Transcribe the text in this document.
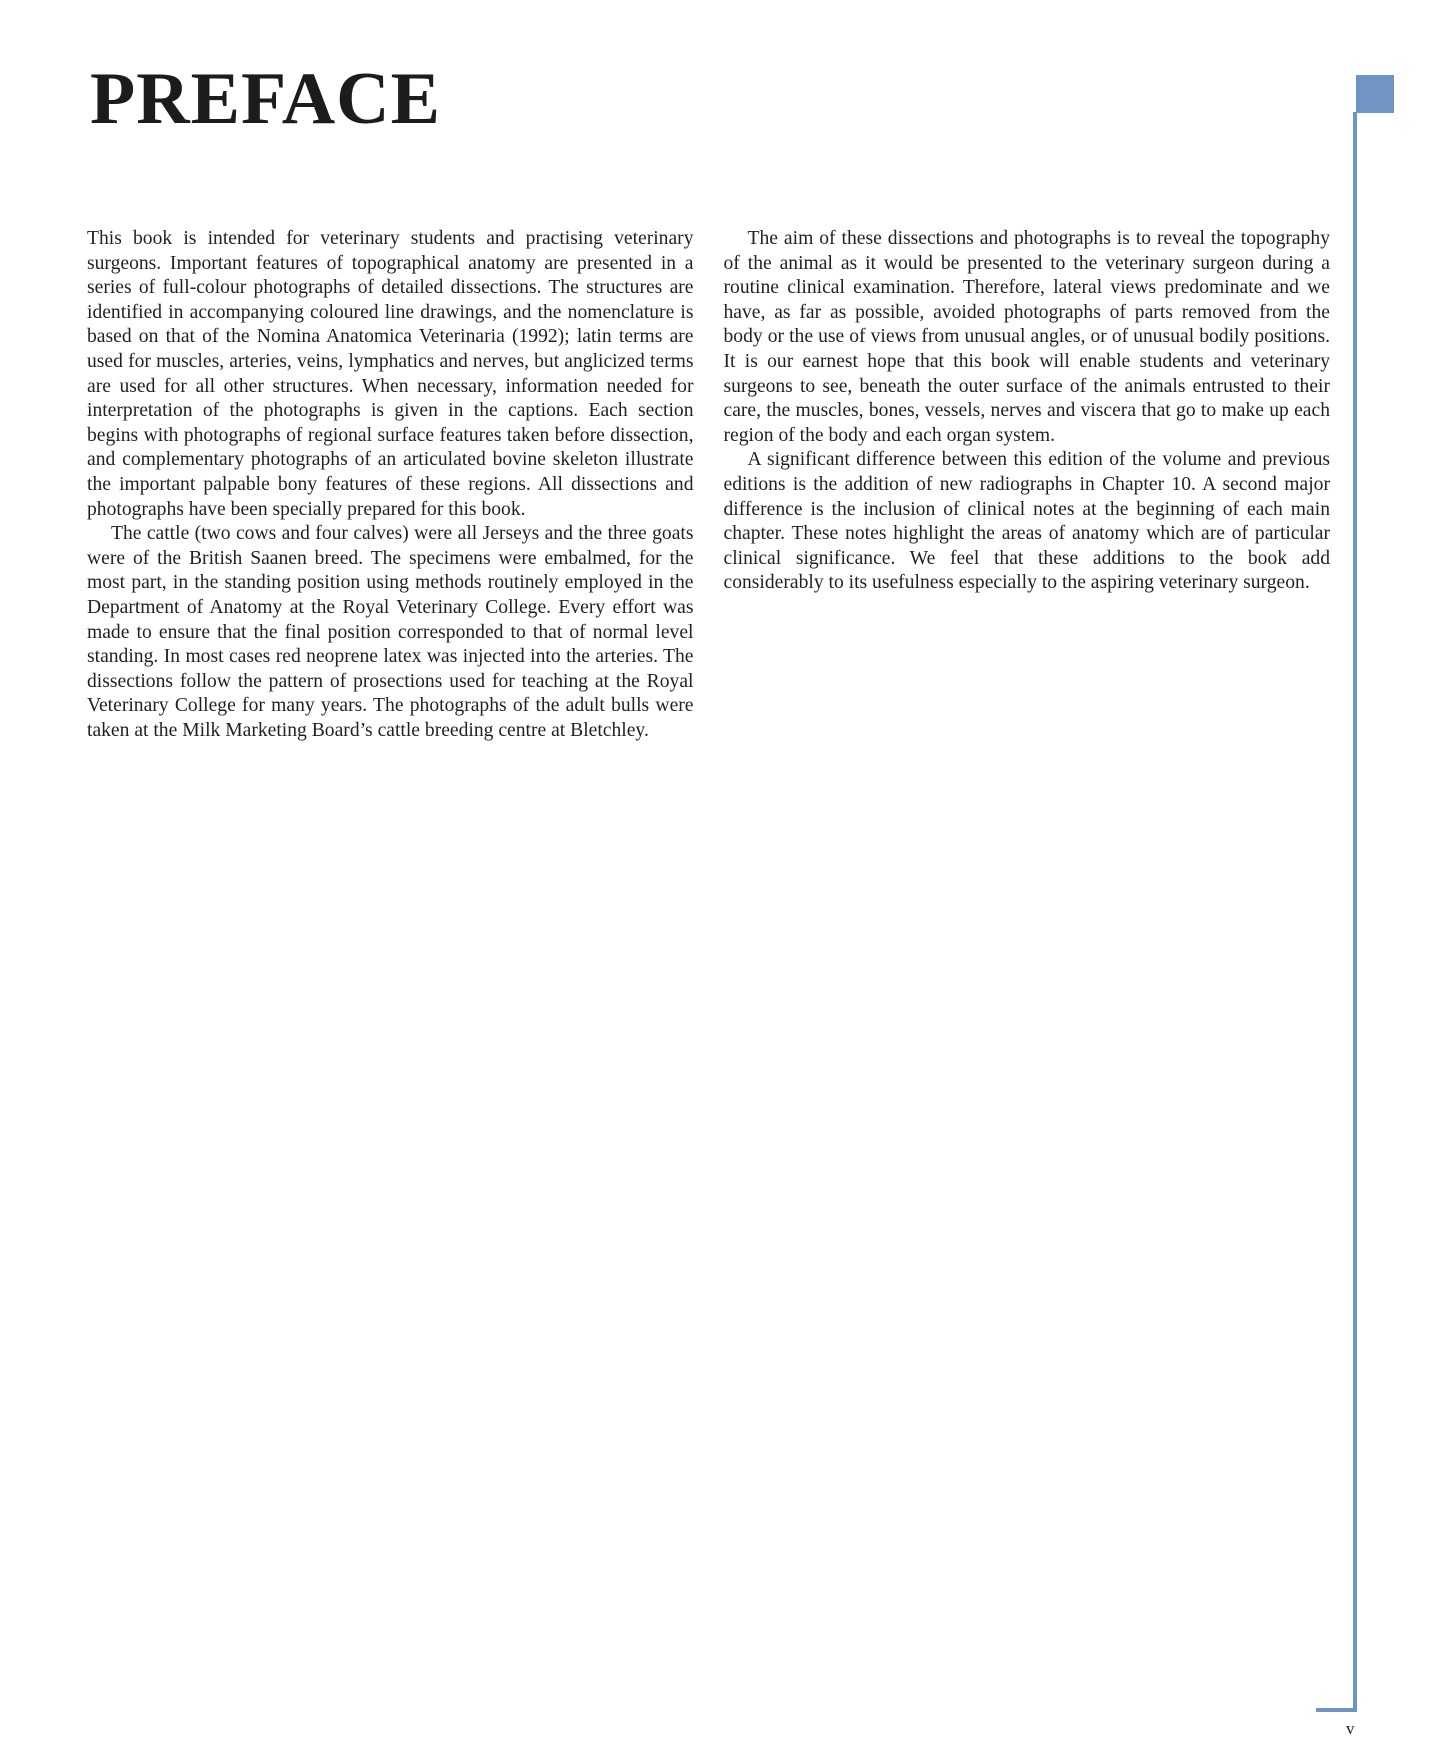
PREFACE

This book is intended for veterinary students and practising veterinary surgeons. Important features of topographical anatomy are presented in a series of full-colour photographs of detailed dissections. The structures are identified in accompanying coloured line drawings, and the nomenclature is based on that of the Nomina Anatomica Veterinaria (1992); latin terms are used for muscles, arteries, veins, lymphatics and nerves, but anglicized terms are used for all other structures. When necessary, information needed for interpretation of the photographs is given in the captions. Each section begins with photographs of regional surface features taken before dissection, and complementary photographs of an articulated bovine skeleton illustrate the important palpable bony features of these regions. All dissections and photographs have been specially prepared for this book.

The cattle (two cows and four calves) were all Jerseys and the three goats were of the British Saanen breed. The specimens were embalmed, for the most part, in the standing position using methods routinely employed in the Department of Anatomy at the Royal Veterinary College. Every effort was made to ensure that the final position corresponded to that of normal level standing. In most cases red neoprene latex was injected into the arteries. The dissections follow the pattern of prosections used for teaching at the Royal Veterinary College for many years. The photographs of the adult bulls were taken at the Milk Marketing Board’s cattle breeding centre at Bletchley.

The aim of these dissections and photographs is to reveal the topography of the animal as it would be presented to the veterinary surgeon during a routine clinical examination. Therefore, lateral views predominate and we have, as far as possible, avoided photographs of parts removed from the body or the use of views from unusual angles, or of unusual bodily positions. It is our earnest hope that this book will enable students and veterinary surgeons to see, beneath the outer surface of the animals entrusted to their care, the muscles, bones, vessels, nerves and viscera that go to make up each region of the body and each organ system.

A significant difference between this edition of the volume and previous editions is the addition of new radiographs in Chapter 10. A second major difference is the inclusion of clinical notes at the beginning of each main chapter. These notes highlight the areas of anatomy which are of particular clinical significance. We feel that these additions to the book add considerably to its usefulness especially to the aspiring veterinary surgeon.

v
